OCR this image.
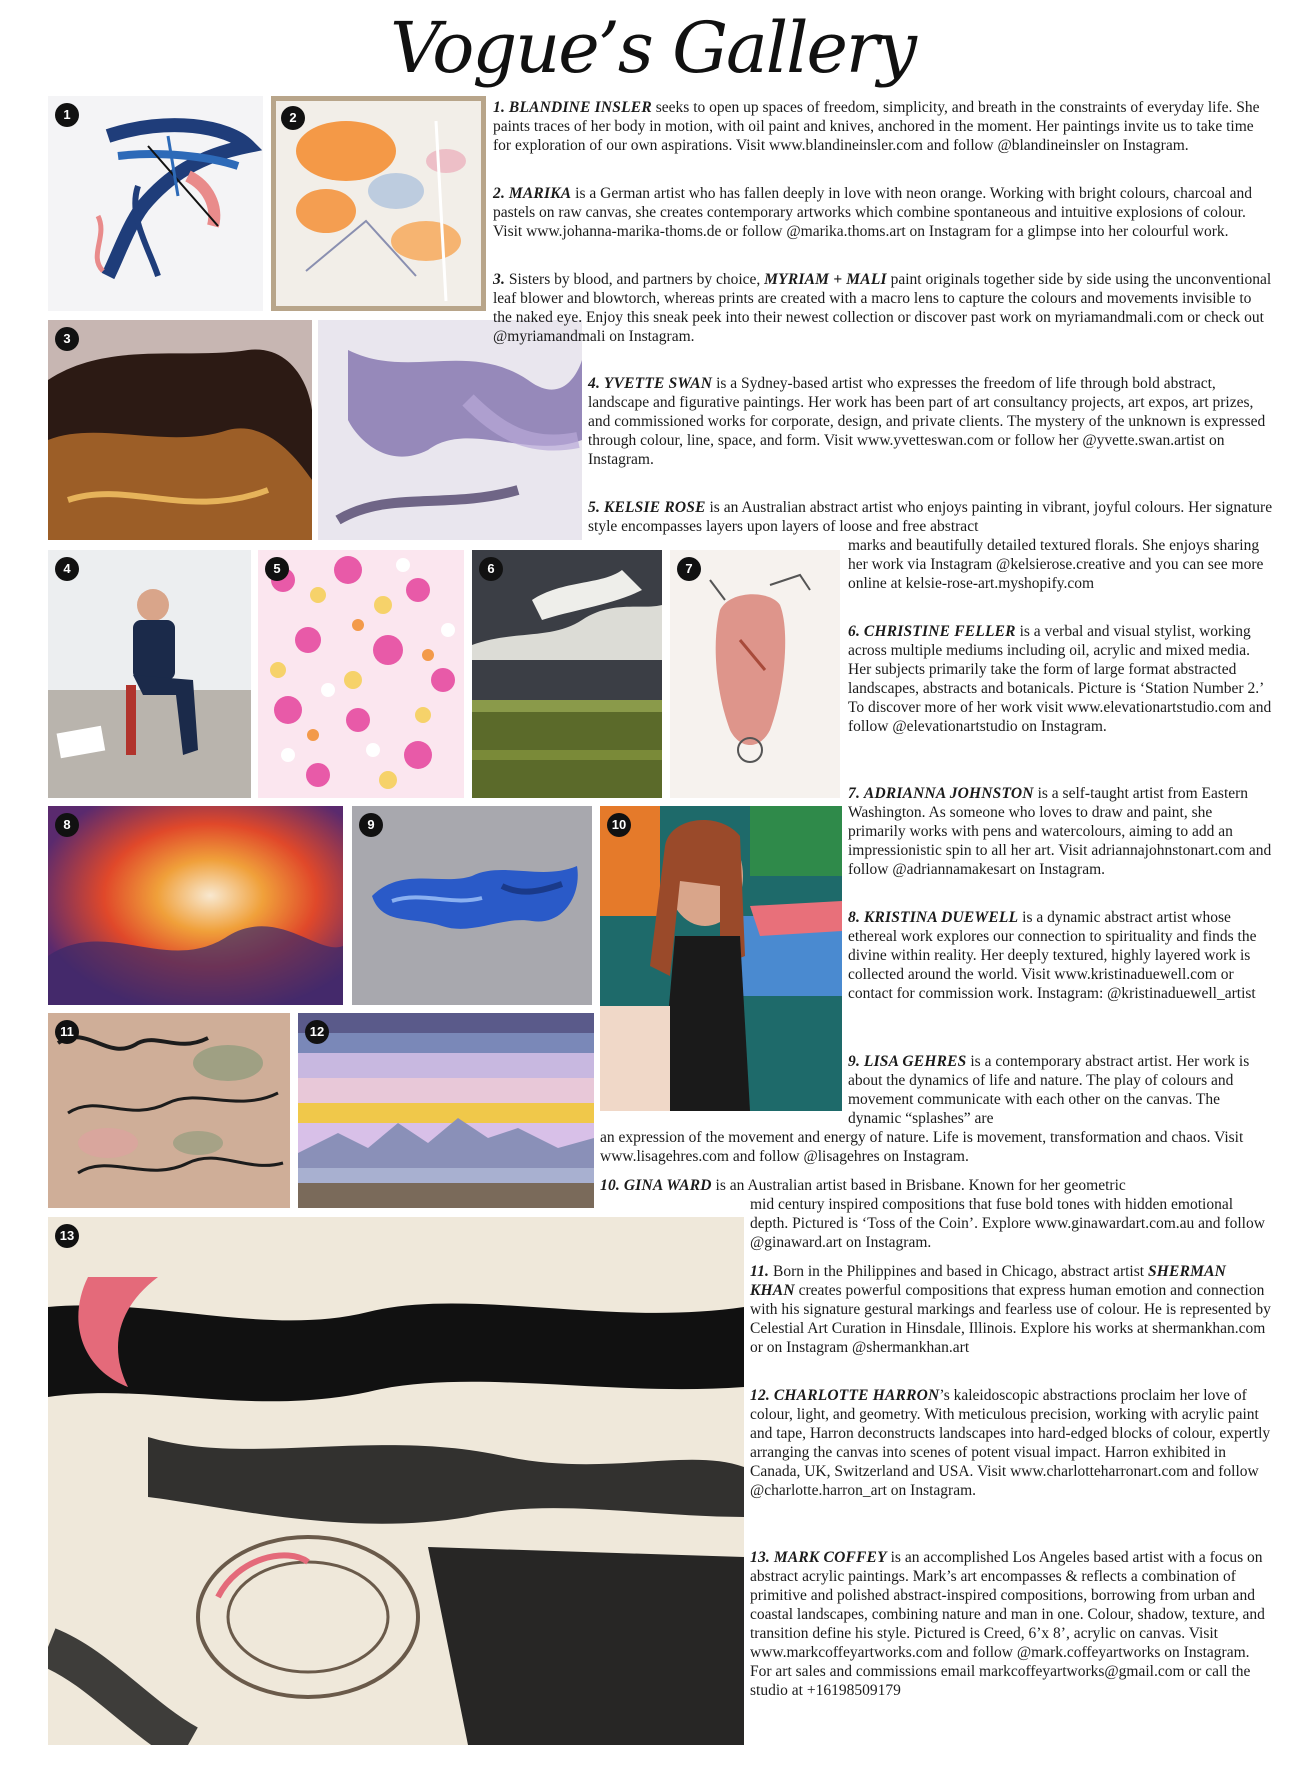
Vogue’s Gallery
1	2
3
4	5	6	7
8	9	10
11	12
13

1. BLANDINE INSLER seeks to open up spaces of freedom, simplicity, and breath in the constraints of everyday life. She paints traces of her body in motion, with oil paint and knives, anchored in the moment. Her paintings invite us to take time for exploration of our own aspirations. Visit www.blandineinsler.com and follow @blandineinsler on Instagram.

2. MARIKA is a German artist who has fallen deeply in love with neon orange. Working with bright colours, charcoal and pastels on raw canvas, she creates contemporary artworks which combine spontaneous and intuitive explosions of colour. Visit www.johanna-marika-thoms.de or follow @marika.thoms.art on Instagram for a glimpse into her colourful work.

3. Sisters by blood, and partners by choice, MYRIAM + MALI paint originals together side by side using the unconventional leaf blower and blowtorch, whereas prints are created with a macro lens to capture the colours and movements invisible to the naked eye. Enjoy this sneak peek into their newest collection or discover past work on myriamandmali.com or check out @myriamandmali on Instagram.

4. YVETTE SWAN is a Sydney-based artist who expresses the freedom of life through bold abstract, landscape and figurative paintings. Her work has been part of art consultancy projects, art expos, art prizes, and commissioned works for corporate, design, and private clients. The mystery of the unknown is expressed through colour, line, space, and form. Visit www.yvetteswan.com or follow her @yvette.swan.artist on Instagram.

5. KELSIE ROSE is an Australian abstract artist who enjoys painting in vibrant, joyful colours. Her signature style encompasses layers upon layers of loose and free abstract

marks and beautifully detailed textured florals. She enjoys sharing her work via Instagram @kelsierose.creative and you can see more online at kelsie-rose-art.myshopify.com

6. CHRISTINE FELLER is a verbal and visual stylist, working across multiple mediums including oil, acrylic and mixed media. Her subjects primarily take the form of large format abstracted landscapes, abstracts and botanicals. Picture is ‘Station Number 2.’ To discover more of her work visit www.elevationartstudio.com and follow @elevationartstudio on Instagram.

7. ADRIANNA JOHNSTON is a self-taught artist from Eastern Washington. As someone who loves to draw and paint, she primarily works with pens and watercolours, aiming to add an impressionistic spin to all her art. Visit adriannajohnstonart.com and follow @adriannamakesart on Instagram.

8. KRISTINA DUEWELL is a dynamic abstract artist whose ethereal work explores our connection to spirituality and finds the divine within reality. Her deeply textured, highly layered work is collected around the world. Visit www.kristinaduewell.com or contact for commission work. Instagram: @kristinaduewell_artist

9. LISA GEHRES is a contemporary abstract artist. Her work is about the dynamics of life and nature. The play of colours and movement communicate with each other on the canvas. The dynamic “splashes” are

an expression of the movement and energy of nature. Life is movement, transformation and chaos. Visit www.lisagehres.com and follow @lisagehres on Instagram.

10. GINA WARD is an Australian artist based in Brisbane. Known for her geometric

mid century inspired compositions that fuse bold tones with hidden emotional depth. Pictured is ‘Toss of the Coin’. Explore www.ginawardart.com.au and follow @ginaward.art on Instagram.

11. Born in the Philippines and based in Chicago, abstract artist SHERMAN KHAN creates powerful compositions that express human emotion and connection with his signature gestural markings and fearless use of colour. He is represented by Celestial Art Curation in Hinsdale, Illinois. Explore his works at shermankhan.com or on Instagram @shermankhan.art

12. CHARLOTTE HARRON’s kaleidoscopic abstractions proclaim her love of colour, light, and geometry. With meticulous precision, working with acrylic paint and tape, Harron deconstructs landscapes into hard-edged blocks of colour, expertly arranging the canvas into scenes of potent visual impact. Harron exhibited in Canada, UK, Switzerland and USA. Visit www.charlotteharronart.com and follow @charlotte.harron_art on Instagram.

13. MARK COFFEY is an accomplished Los Angeles based artist with a focus on abstract acrylic paintings. Mark’s art encompasses & reflects a combination of primitive and polished abstract-inspired compositions, borrowing from urban and coastal landscapes, combining nature and man in one. Colour, shadow, texture, and transition define his style. Pictured is Creed, 6’x 8’, acrylic on canvas. Visit www.markcoffeyartworks.com and follow @mark.coffeyartworks on Instagram. For art sales and commissions email markcoffeyartworks@gmail.com or call the studio at +16198509179
